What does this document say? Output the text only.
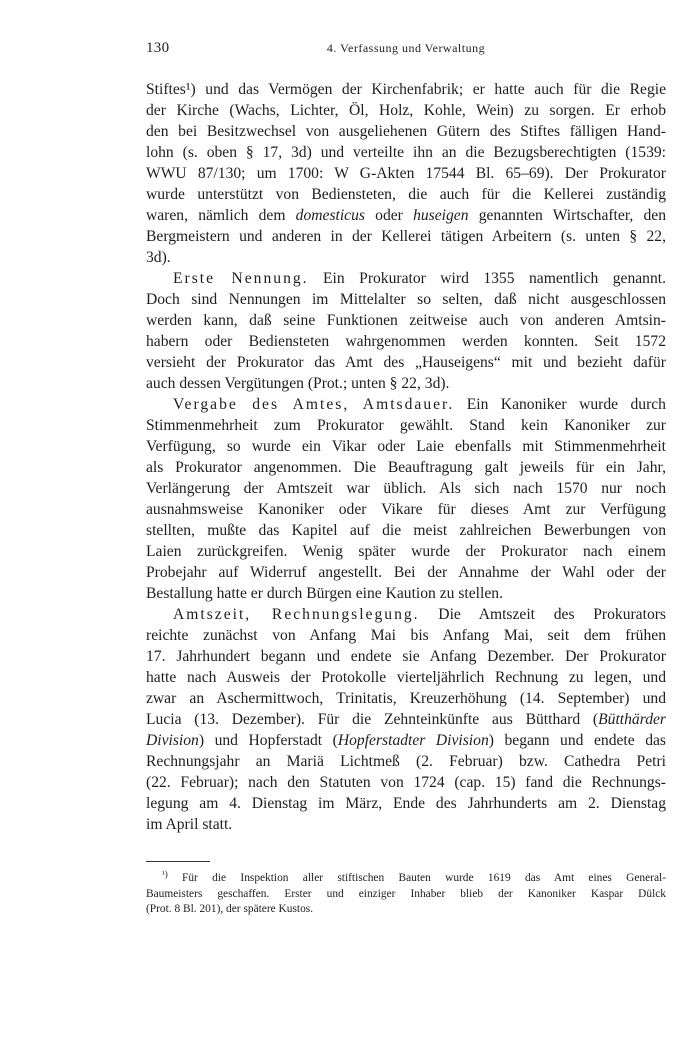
130	4. Verfassung und Verwaltung
Stiftes¹) und das Vermögen der Kirchenfabrik; er hatte auch für die Regie
der Kirche (Wachs, Lichter, Öl, Holz, Kohle, Wein) zu sorgen. Er erhob
den bei Besitzwechsel von ausgeliehenen Gütern des Stiftes fälligen Hand-
lohn (s. oben § 17, 3d) und verteilte ihn an die Bezugsberechtigten (1539:
WWU 87/130; um 1700: W G-Akten 17544 Bl. 65–69). Der Prokurator
wurde unterstützt von Bediensteten, die auch für die Kellerei zuständig
waren, nämlich dem domesticus oder huseigen genannten Wirtschafter, den
Bergmeistern und anderen in der Kellerei tätigen Arbeitern (s. unten § 22,
3d).
Erste Nennung. Ein Prokurator wird 1355 namentlich genannt.
Doch sind Nennungen im Mittelalter so selten, daß nicht ausgeschlossen
werden kann, daß seine Funktionen zeitweise auch von anderen Amtsin-
habern oder Bediensteten wahrgenommen werden konnten. Seit 1572
versieht der Prokurator das Amt des „Hauseigens“ mit und bezieht dafür
auch dessen Vergütungen (Prot.; unten § 22, 3d).
Vergabe des Amtes, Amtsdauer. Ein Kanoniker wurde durch
Stimmenmehrheit zum Prokurator gewählt. Stand kein Kanoniker zur
Verfügung, so wurde ein Vikar oder Laie ebenfalls mit Stimmenmehrheit
als Prokurator angenommen. Die Beauftragung galt jeweils für ein Jahr,
Verlängerung der Amtszeit war üblich. Als sich nach 1570 nur noch
ausnahmsweise Kanoniker oder Vikare für dieses Amt zur Verfügung
stellten, mußte das Kapitel auf die meist zahlreichen Bewerbungen von
Laien zurückgreifen. Wenig später wurde der Prokurator nach einem
Probejahr auf Widerruf angestellt. Bei der Annahme der Wahl oder der
Bestallung hatte er durch Bürgen eine Kaution zu stellen.
Amtszeit, Rechnungslegung. Die Amtszeit des Prokurators
reichte zunächst von Anfang Mai bis Anfang Mai, seit dem frühen
17. Jahrhundert begann und endete sie Anfang Dezember. Der Prokurator
hatte nach Ausweis der Protokolle vierteljährlich Rechnung zu legen, und
zwar an Aschermittwoch, Trinitatis, Kreuzerhöhung (14. September) und
Lucia (13. Dezember). Für die Zehnteinkünfte aus Bütthard (Bütthärder
Division) und Hopferstadt (Hopferstadter Division) begann und endete das
Rechnungsjahr an Mariä Lichtmeß (2. Februar) bzw. Cathedra Petri
(22. Februar); nach den Statuten von 1724 (cap. 15) fand die Rechnungs-
legung am 4. Dienstag im März, Ende des Jahrhunderts am 2. Dienstag
im April statt.
$^{^1)}$ Für die Inspektion aller stiftischen Bauten wurde 1619 das Amt eines General-
Baumeisters geschaffen. Erster und einziger Inhaber blieb der Kanoniker Kaspar Dülck
(Prot. 8 Bl. 201), der spätere Kustos.
